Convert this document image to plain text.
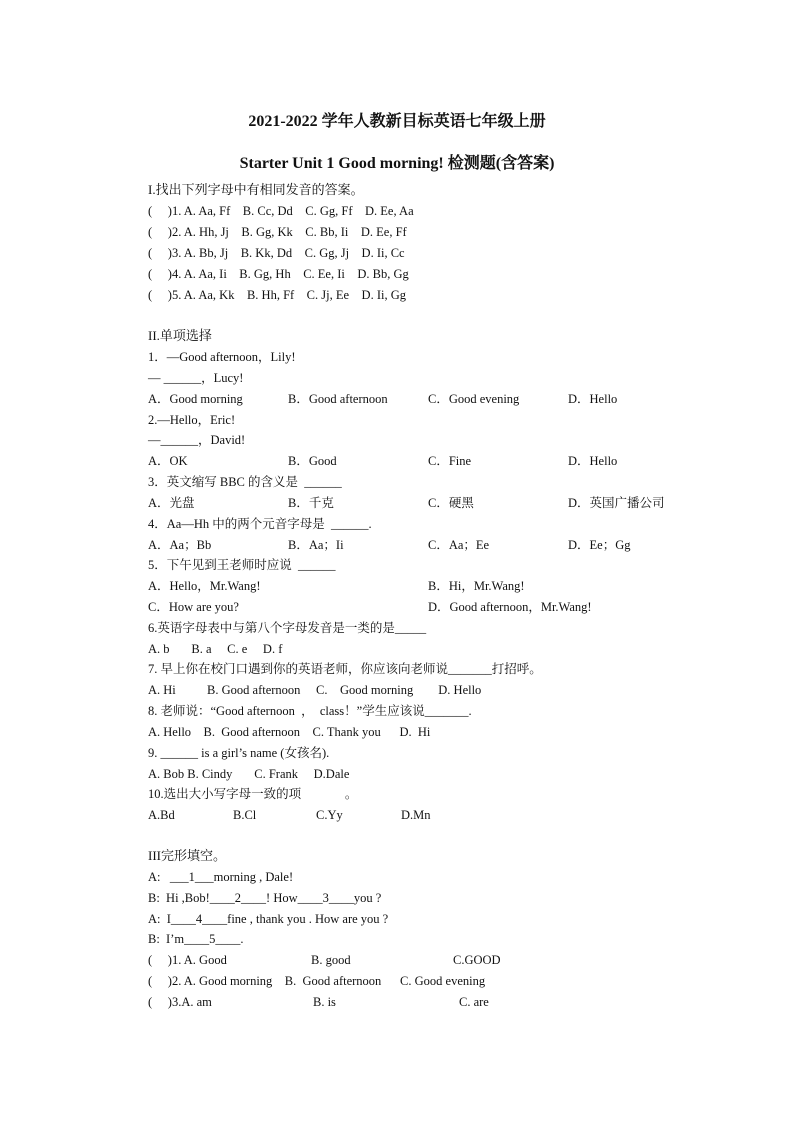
2021-2022 学年人教新目标英语七年级上册
Starter Unit 1 Good morning! 检测题(含答案)
I.找出下列字母中有相同发音的答案。
(     )1. A. Aa, Ff    B. Cc, Dd    C. Gg, Ff    D. Ee, Aa
(     )2. A. Hh, Jj    B. Gg, Kk    C. Bb, Ii    D. Ee, Ff
(     )3. A. Bb, Jj    B. Kk, Dd    C. Gg, Jj    D. Ii, Cc
(     )4. A. Aa, Ii    B. Gg, Hh    C. Ee, Ii    D. Bb, Gg
(     )5. A. Aa, Kk    B. Hh, Ff    C. Jj, Ee    D. Ii, Gg
II.单项选择
1．—Good afternoon，Lily!
— ______，Lucy!
A．Good morning	B．Good afternoon	C．Good evening	D．Hello
2.—Hello，Eric!
—______，David!
A．OK	B．Good	C．Fine	D．Hello
3．英文缩写 BBC 的含义是  ______
A．光盘	B．千克	C．硬黑	D．英国广播公司
4．Aa—Hh 中的两个元音字母是  ______.
A．Aa；Bb	B．Aa；Ii	C．Aa；Ee	D．Ee；Gg
5．下午见到王老师时应说  ______
A．Hello，Mr.Wang!	B．Hi，Mr.Wang!
C．How are you?	D．Good afternoon，Mr.Wang!
6.英语字母表中与第八个字母发音是一类的是_____
A. b       B. a     C. e     D. f
7. 早上你在校门口遇到你的英语老师，你应该向老师说_______打招呼。
A. Hi          B. Good afternoon     C.    Good morning        D. Hello
8. 老师说：“Good afternoon  ，  class！”学生应该说_______.
A. Hello    B.  Good afternoon    C. Thank you      D.  Hi
9. ______ is a girl’s name (女孩名).
A. Bob B. Cindy       C. Frank     D.Dale
10.选出大小写字母一致的项              。
A.Bd	B.Cl	C.Yy	D.Mn
III完形填空。
A:   ___1___morning , Dale!
B:  Hi ,Bob!____2____! How____3____you ?
A:  I____4____fine , thank you . How are you ?
B:  I’m____5____.
(     )1. A. Good	B. good	C.GOOD
(     )2. A. Good morning    B.  Good afternoon      C. Good evening
(     )3.A. am	B. is	C. are
